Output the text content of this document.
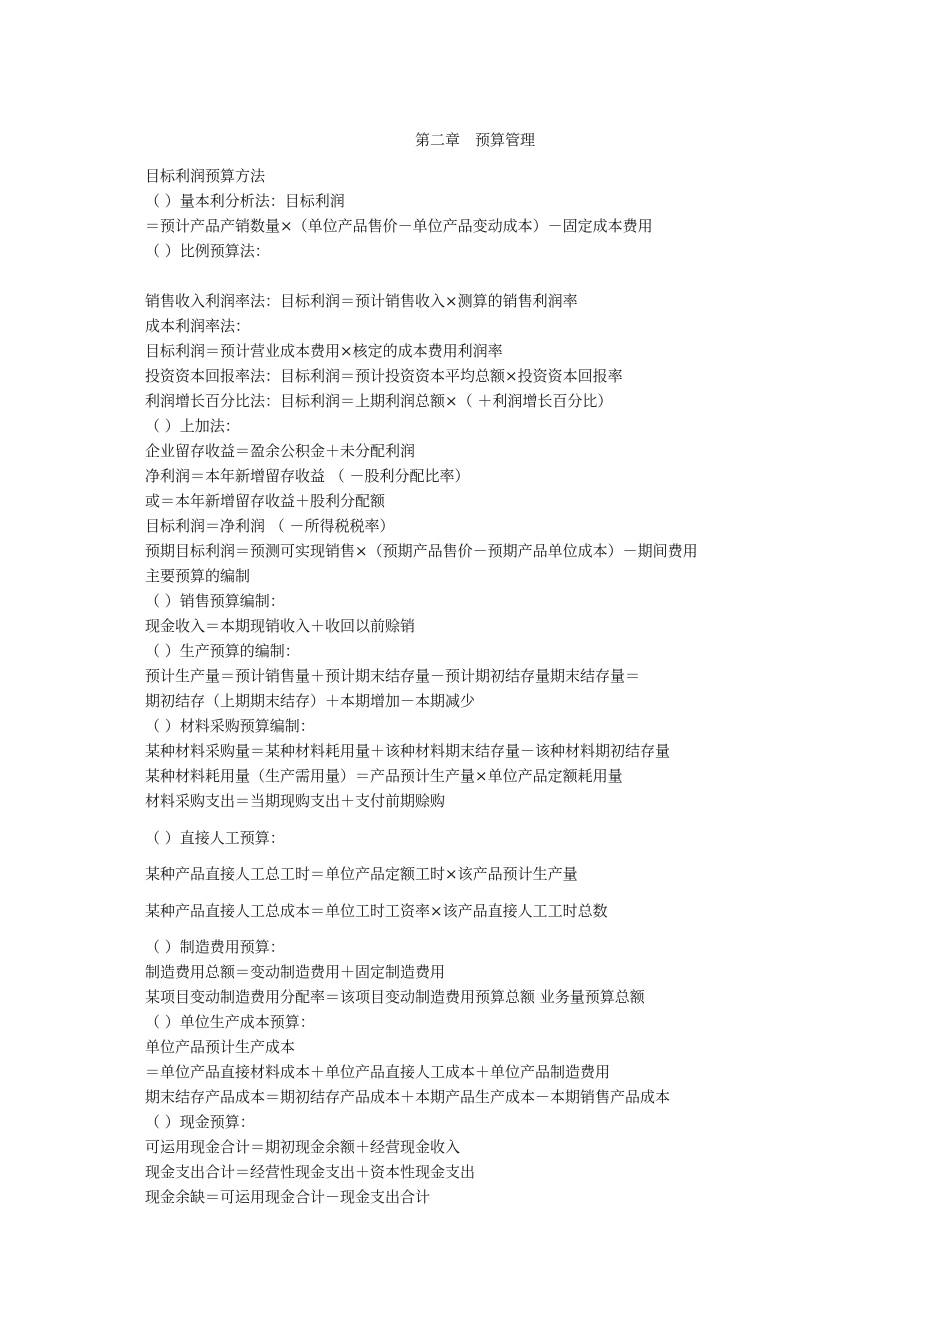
第二章　预算管理
目标利润预算方法
（ ）量本利分析法：目标利润
＝预计产品产销数量×（单位产品售价－单位产品变动成本）－固定成本费用
（ ）比例预算法：
销售收入利润率法：目标利润＝预计销售收入×测算的销售利润率
成本利润率法：
目标利润＝预计营业成本费用×核定的成本费用利润率
投资资本回报率法：目标利润＝预计投资资本平均总额×投资资本回报率
利润增长百分比法：目标利润＝上期利润总额×（ ＋利润增长百分比）
（ ）上加法：
企业留存收益＝盈余公积金＋未分配利润
净利润＝本年新增留存收益 （ －股利分配比率）
或＝本年新增留存收益＋股利分配额
目标利润＝净利润 （ －所得税税率）
预期目标利润＝预测可实现销售×（预期产品售价－预期产品单位成本）－期间费用
主要预算的编制
（ ）销售预算编制：
现金收入＝本期现销收入＋收回以前赊销
（ ）生产预算的编制：
预计生产量＝预计销售量＋预计期末结存量－预计期初结存量期末结存量＝
期初结存（上期期末结存）＋本期增加－本期减少
（ ）材料采购预算编制：
某种材料采购量＝某种材料耗用量＋该种材料期末结存量－该种材料期初结存量
某种材料耗用量（生产需用量）＝产品预计生产量×单位产品定额耗用量
材料采购支出＝当期现购支出＋支付前期赊购
（ ）直接人工预算：
某种产品直接人工总工时＝单位产品定额工时×该产品预计生产量
某种产品直接人工总成本＝单位工时工资率×该产品直接人工工时总数
（ ）制造费用预算：
制造费用总额＝变动制造费用＋固定制造费用
某项目变动制造费用分配率＝该项目变动制造费用预算总额 业务量预算总额
（ ）单位生产成本预算：
单位产品预计生产成本
＝单位产品直接材料成本＋单位产品直接人工成本＋单位产品制造费用
期末结存产品成本＝期初结存产品成本＋本期产品生产成本－本期销售产品成本
（ ）现金预算：
可运用现金合计＝期初现金余额＋经营现金收入
现金支出合计＝经营性现金支出＋资本性现金支出
现金余缺＝可运用现金合计－现金支出合计
